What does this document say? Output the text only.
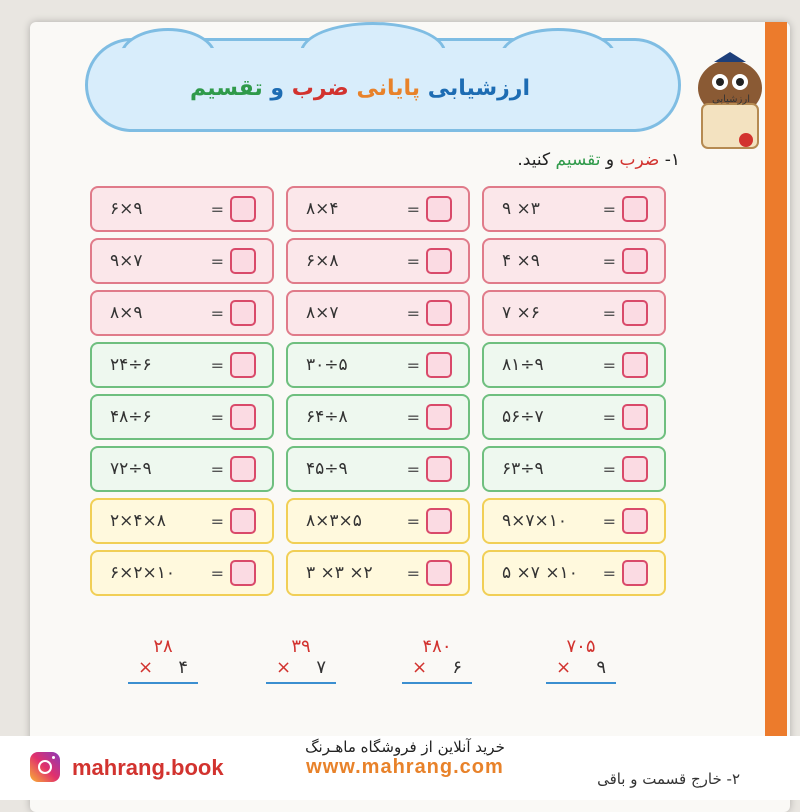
ارزشیابی پایانی ضرب و تقسیم	ارزشیابی
۱- ضرب و تقسیم کنید.
۹ ×۳	=
۸×۴	=
۶×۹	=
۴ ×۹	=
۶×۸	=
۹×۷	=
۷ ×۶	=
۸×۷	=
۸×۹	=
۸۱÷۹	=
۳۰÷۵	=
۲۴÷۶	=
۵۶÷۷	=
۶۴÷۸	=
۴۸÷۶	=
۶۳÷۹	=
۴۵÷۹	=
۷۲÷۹	=
۹×۷×۱۰ =
۸×۳×۵	=
۲×۴×۸	=
۵ ×۷ ×۱۰ =
۳ ×۳ ×۲ =
۶×۲×۱۰ =
۷۰۵
× ۹
۴۸۰
× ۶
۳۹
× ۷
۲۸
× ۴
mahrang.book
خرید آنلاین از فروشگاه ماهـرنگ
www.mahrang.com
۲- خارج قسمت و باقی
